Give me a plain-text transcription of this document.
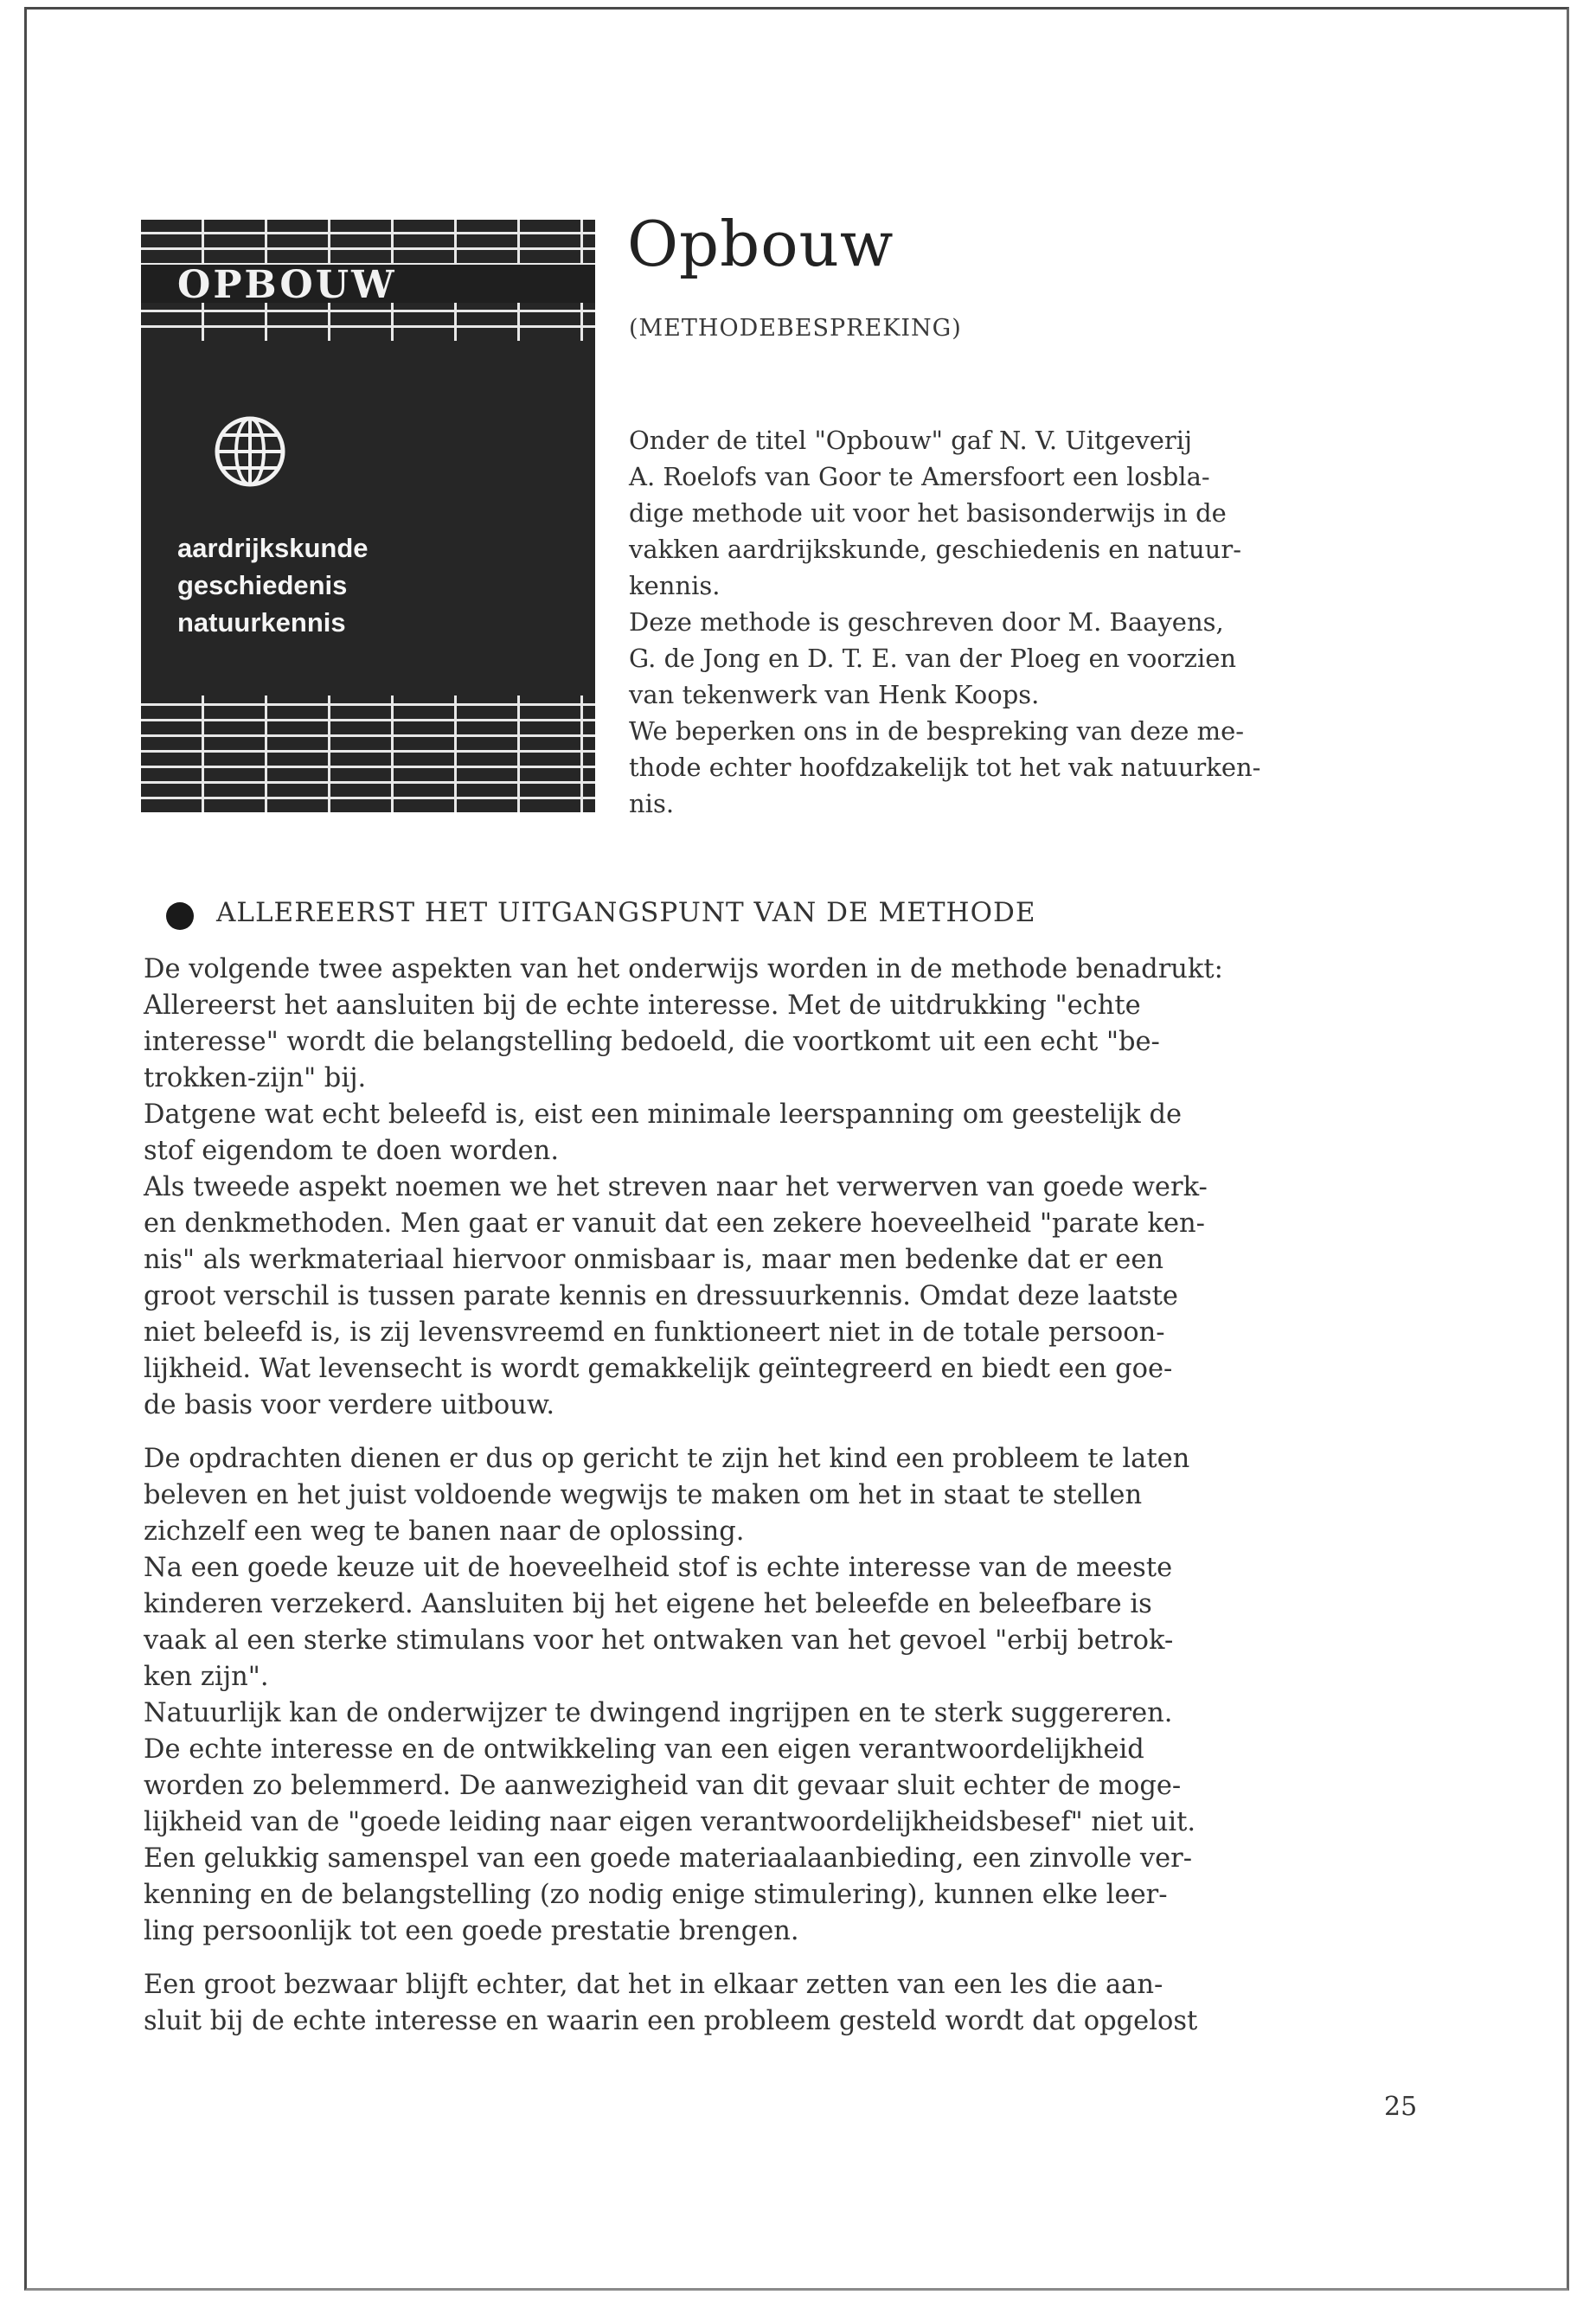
OPBOUW
aardrijkskunde
geschiedenis
natuurkennis
Opbouw
(METHODEBESPREKING)

Onder de titel "Opbouw" gaf N. V. Uitgeverij
A. Roelofs van Goor te Amersfoort een losbla-
dige methode uit voor het basisonderwijs in de
vakken aardrijkskunde, geschiedenis en natuur-
kennis.

Deze methode is geschreven door M. Baayens,
G. de Jong en D. T. E. van der Ploeg en voorzien
van tekenwerk van Henk Koops.

We beperken ons in de bespreking van deze me-
thode echter hoofdzakelijk tot het vak natuurken-
nis.

ALLEREERST HET UITGANGSPUNT VAN DE METHODE

De volgende twee aspekten van het onderwijs worden in de methode benadrukt:
Allereerst het aansluiten bij de echte interesse. Met de uitdrukking "echte
interesse" wordt die belangstelling bedoeld, die voortkomt uit een echt "be-
trokken-zijn" bij.

Datgene wat echt beleefd is, eist een minimale leerspanning om geestelijk de
stof eigendom te doen worden.

Als tweede aspekt noemen we het streven naar het verwerven van goede werk-
en denkmethoden. Men gaat er vanuit dat een zekere hoeveelheid "parate ken-
nis" als werkmateriaal hiervoor onmisbaar is, maar men bedenke dat er een
groot verschil is tussen parate kennis en dressuurkennis. Omdat deze laatste
niet beleefd is, is zij levensvreemd en funktioneert niet in de totale persoon-
lijkheid. Wat levensecht is wordt gemakkelijk geïntegreerd en biedt een goe-
de basis voor verdere uitbouw.

De opdrachten dienen er dus op gericht te zijn het kind een probleem te laten
beleven en het juist voldoende wegwijs te maken om het in staat te stellen
zichzelf een weg te banen naar de oplossing.

Na een goede keuze uit de hoeveelheid stof is echte interesse van de meeste
kinderen verzekerd. Aansluiten bij het eigene het beleefde en beleefbare is
vaak al een sterke stimulans voor het ontwaken van het gevoel "erbij betrok-
ken zijn".

Natuurlijk kan de onderwijzer te dwingend ingrijpen en te sterk suggereren.
De echte interesse en de ontwikkeling van een eigen verantwoordelijkheid
worden zo belemmerd. De aanwezigheid van dit gevaar sluit echter de moge-
lijkheid van de "goede leiding naar eigen verantwoordelijkheidsbesef" niet uit.
Een gelukkig samenspel van een goede materiaalaanbieding, een zinvolle ver-
kenning en de belangstelling (zo nodig enige stimulering), kunnen elke leer-
ling persoonlijk tot een goede prestatie brengen.

Een groot bezwaar blijft echter, dat het in elkaar zetten van een les die aan-
sluit bij de echte interesse en waarin een probleem gesteld wordt dat opgelost

25
